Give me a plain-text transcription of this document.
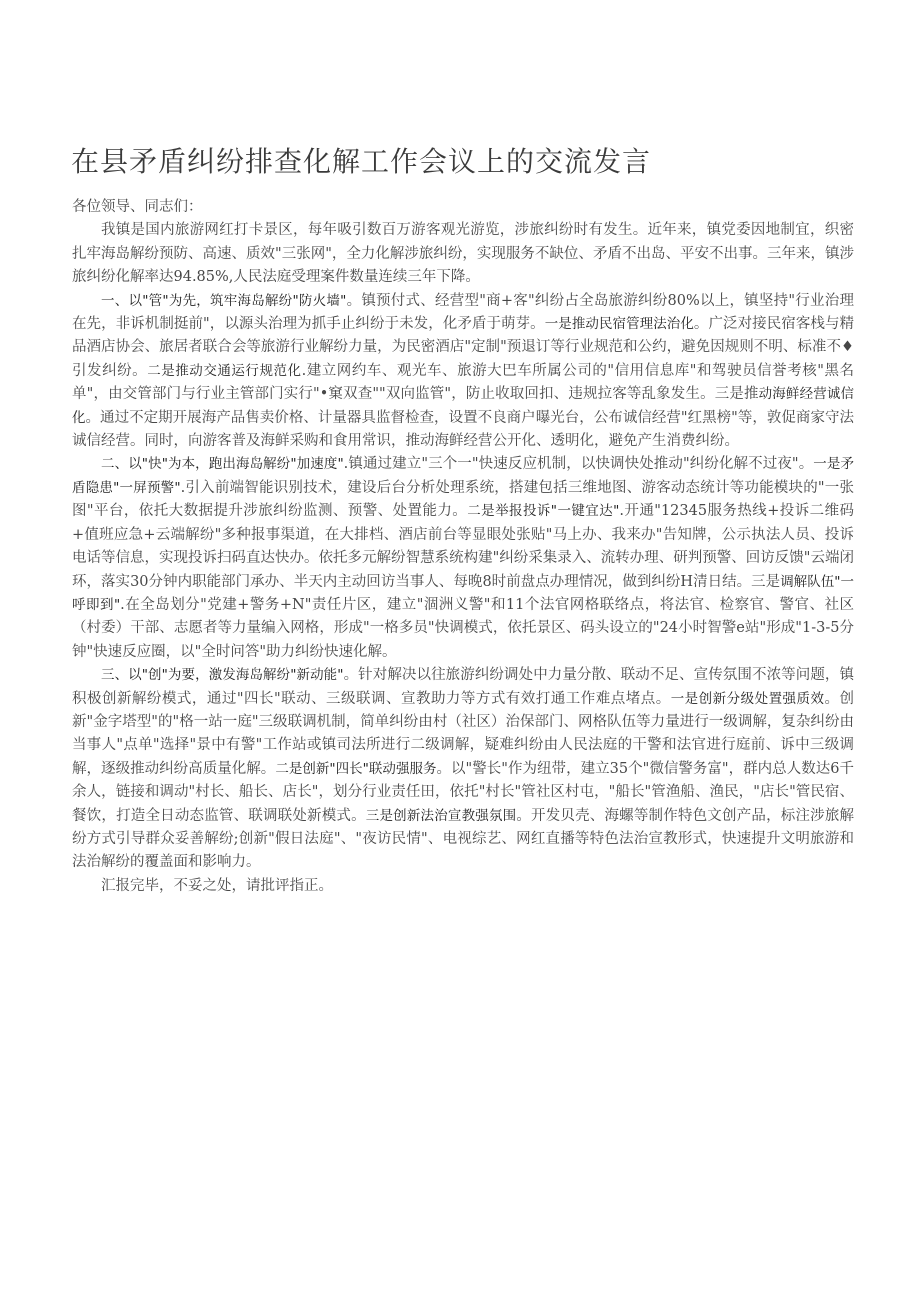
在县矛盾纠纷排查化解工作会议上的交流发言

各位领导、同志们：

我镇是国内旅游网红打卡景区，每年吸引数百万游客观光游览，涉旅纠纷时有发生。近年来，镇党委因地制宜，织密扎牢海岛解纷预防、高速、质效"三张网"，全力化解涉旅纠纷，实现服务不缺位、矛盾不出岛、平安不出事。三年来，镇涉旅纠纷化解率达94.85%,人民法庭受理案件数量连续三年下降。

一、以"管"为先，筑牢海岛解纷"防火墙"。镇预付式、经营型"商+客"纠纷占全岛旅游纠纷80%以上，镇坚持"行业治理在先，非诉机制挺前"，以源头治理为抓手止纠纷于未发，化矛盾于萌芽。一是推动民宿管理法治化。广泛对接民宿客栈与精品酒店协会、旅居者联合会等旅游行业解纷力量，为民密酒店"定制"预退订等行业规范和公约，避免因规则不明、标准不♦引发纠纷。二是推动交通运行规范化.建立网约车、观光车、旅游大巴车所属公司的"信用信息库"和驾驶员信誉考核"黑名单"，由交管部门与行业主管部门实行"•窠双查""双向监管"，防止收取回扣、违规拉客等乱象发生。三是推动海鲜经营诚信化。通过不定期开展海产品售卖价格、计量器具监督检查，设置不良商户曝光台，公布诚信经营"红黑榜"等，敦促商家守法诚信经营。同时，向游客普及海鲜采购和食用常识，推动海鲜经营公开化、透明化，避免产生消费纠纷。

二、以"快"为本，跑出海岛解纷"加速度".镇通过建立"三个一"快速反应机制，以快调快处推动"纠纷化解不过夜"。一是矛盾隐患"一屏预警".引入前端智能识别技术，建设后台分析处理系统，搭建包括三维地图、游客动态统计等功能模块的"一张图"平台，依托大数据提升涉旅纠纷监测、预警、处置能力。二是举报投诉"一键宜达".开通"12345服务热线+投诉二维码+值班应急+云端解纷"多种报事渠道，在大排档、酒店前台等显眼处张贴"马上办、我来办"告知牌，公示执法人员、投诉电话等信息，实现投诉扫码直达快办。依托多元解纷智慧系统构建"纠纷采集录入、流转办理、研判预警、回访反馈"云端闭环，落实30分钟内职能部门承办、半天内主动回访当事人、每晚8时前盘点办理情况，做到纠纷H清日结。三是调解队伍"一呼即到".在全岛划分"党建+警务+N"责任片区，建立"涸洲义警"和11个法官网格联络点，将法官、检察官、警官、社区（村委）干部、志愿者等力量编入网格，形成"一格多员"快调模式，依托景区、码头设立的"24小时智警e站"形成"1-3-5分钟"快速反应圈，以"全时问答"助力纠纷快速化解。

三、以"创"为要，激发海岛解纷"新动能"。针对解决以往旅游纠纷调处中力量分散、联动不足、宣传氛围不浓等问题，镇积极创新解纷模式，通过"四长"联动、三级联调、宣教助力等方式有效打通工作难点堵点。一是创新分级处置强质效。创新"金字塔型"的"格一站一庭"三级联调机制，简单纠纷由村（社区）治保部门、网格队伍等力量进行一级调解，复杂纠纷由当事人"点单"选择"景中有警"工作站或镇司法所进行二级调解，疑难纠纷由人民法庭的干警和法官进行庭前、诉中三级调解，逐级推动纠纷高质量化解。二是创新"四长"联动强服务。以"警长"作为纽带，建立35个"微信警务富"，群内总人数达6千余人，链接和调动"村长、船长、店长"，划分行业责任田，依托"村长"管社区村屯，"船长"管渔船、渔民，"店长"管民宿、餐饮，打造全日动态监管、联调联处新模式。三是创新法治宣教强氛围。开发贝壳、海螺等制作特色文创产品，标注涉旅解纷方式引导群众妥善解纷;创新"假日法庭"、"夜访民情"、电视综艺、网红直播等特色法治宣教形式，快速提升文明旅游和法治解纷的覆盖面和影响力。

汇报完毕，不妥之处，请批评指正。
